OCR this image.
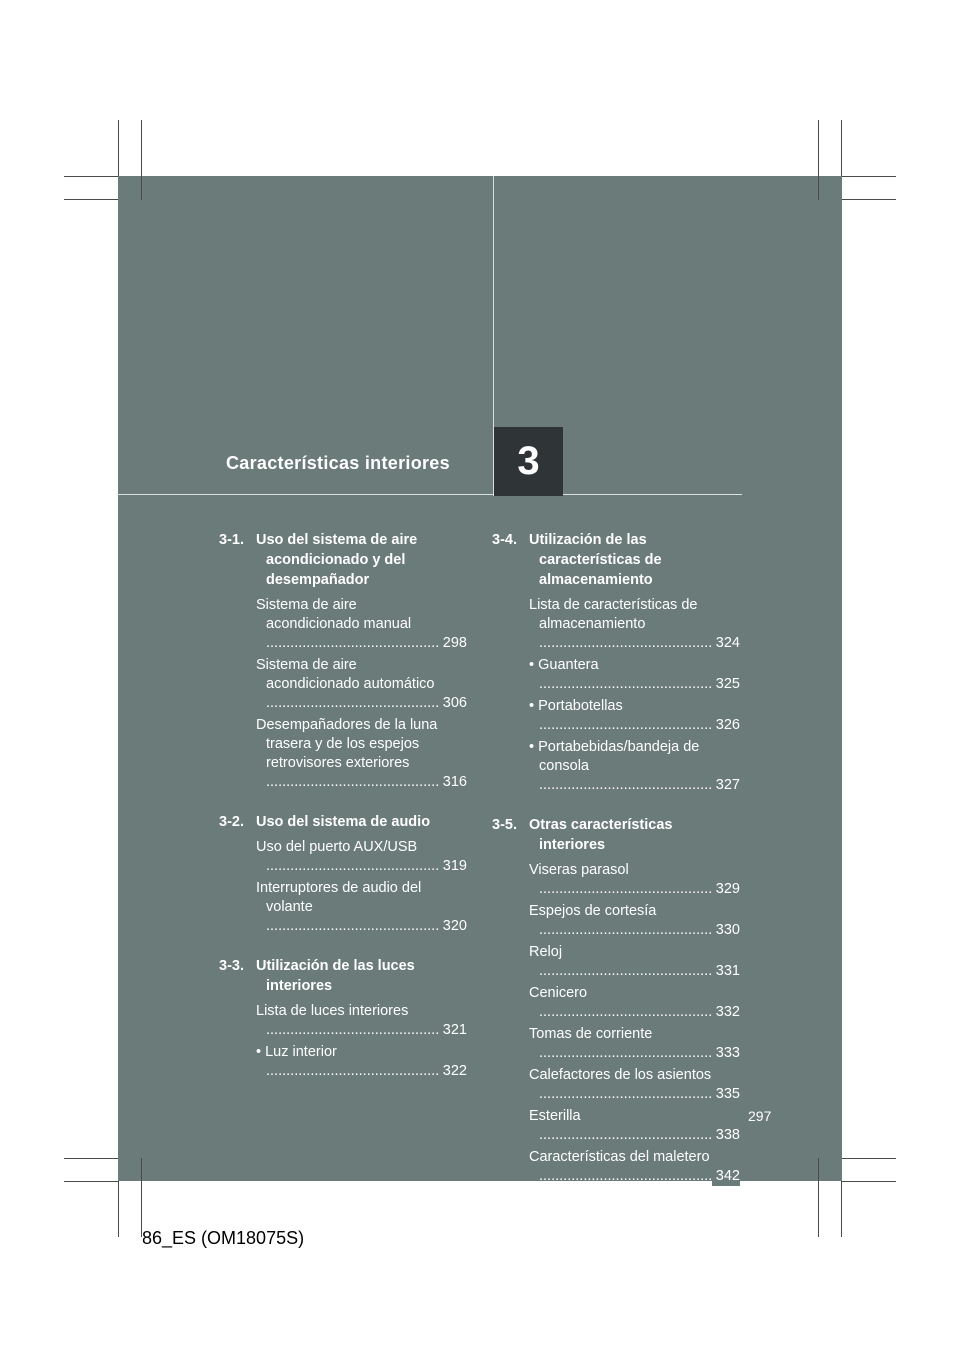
Características interiores 3
3-1. Uso del sistema de aire acondicionado y del desempañador
Sistema de aire acondicionado manual .....
298
Sistema de aire acondicionado automático .....
306
Desempañadores de la luna trasera y de los espejos retrovisores exteriores .....
316
3-2. Uso del sistema de audio
Uso del puerto AUX/USB .....
319
Interruptores de audio del volante .....
320
3-3. Utilización de las luces interiores
Lista de luces interiores .....
321
• Luz interior .....
322
3-4. Utilización de las características de almacenamiento
Lista de características de almacenamiento .....
324
• Guantera .....
325
• Portabotellas .....
326
• Portabebidas/bandeja de consola .....
327
3-5. Otras características interiores
Viseras parasol .....
329
Espejos de cortesía .....
330
Reloj .....
331
Cenicero .....
332
Tomas de corriente .....
333
Calefactores de los asientos .....
335
Esterilla .....
338
Características del maletero .....
342
297
86_ES (OM18075S)
